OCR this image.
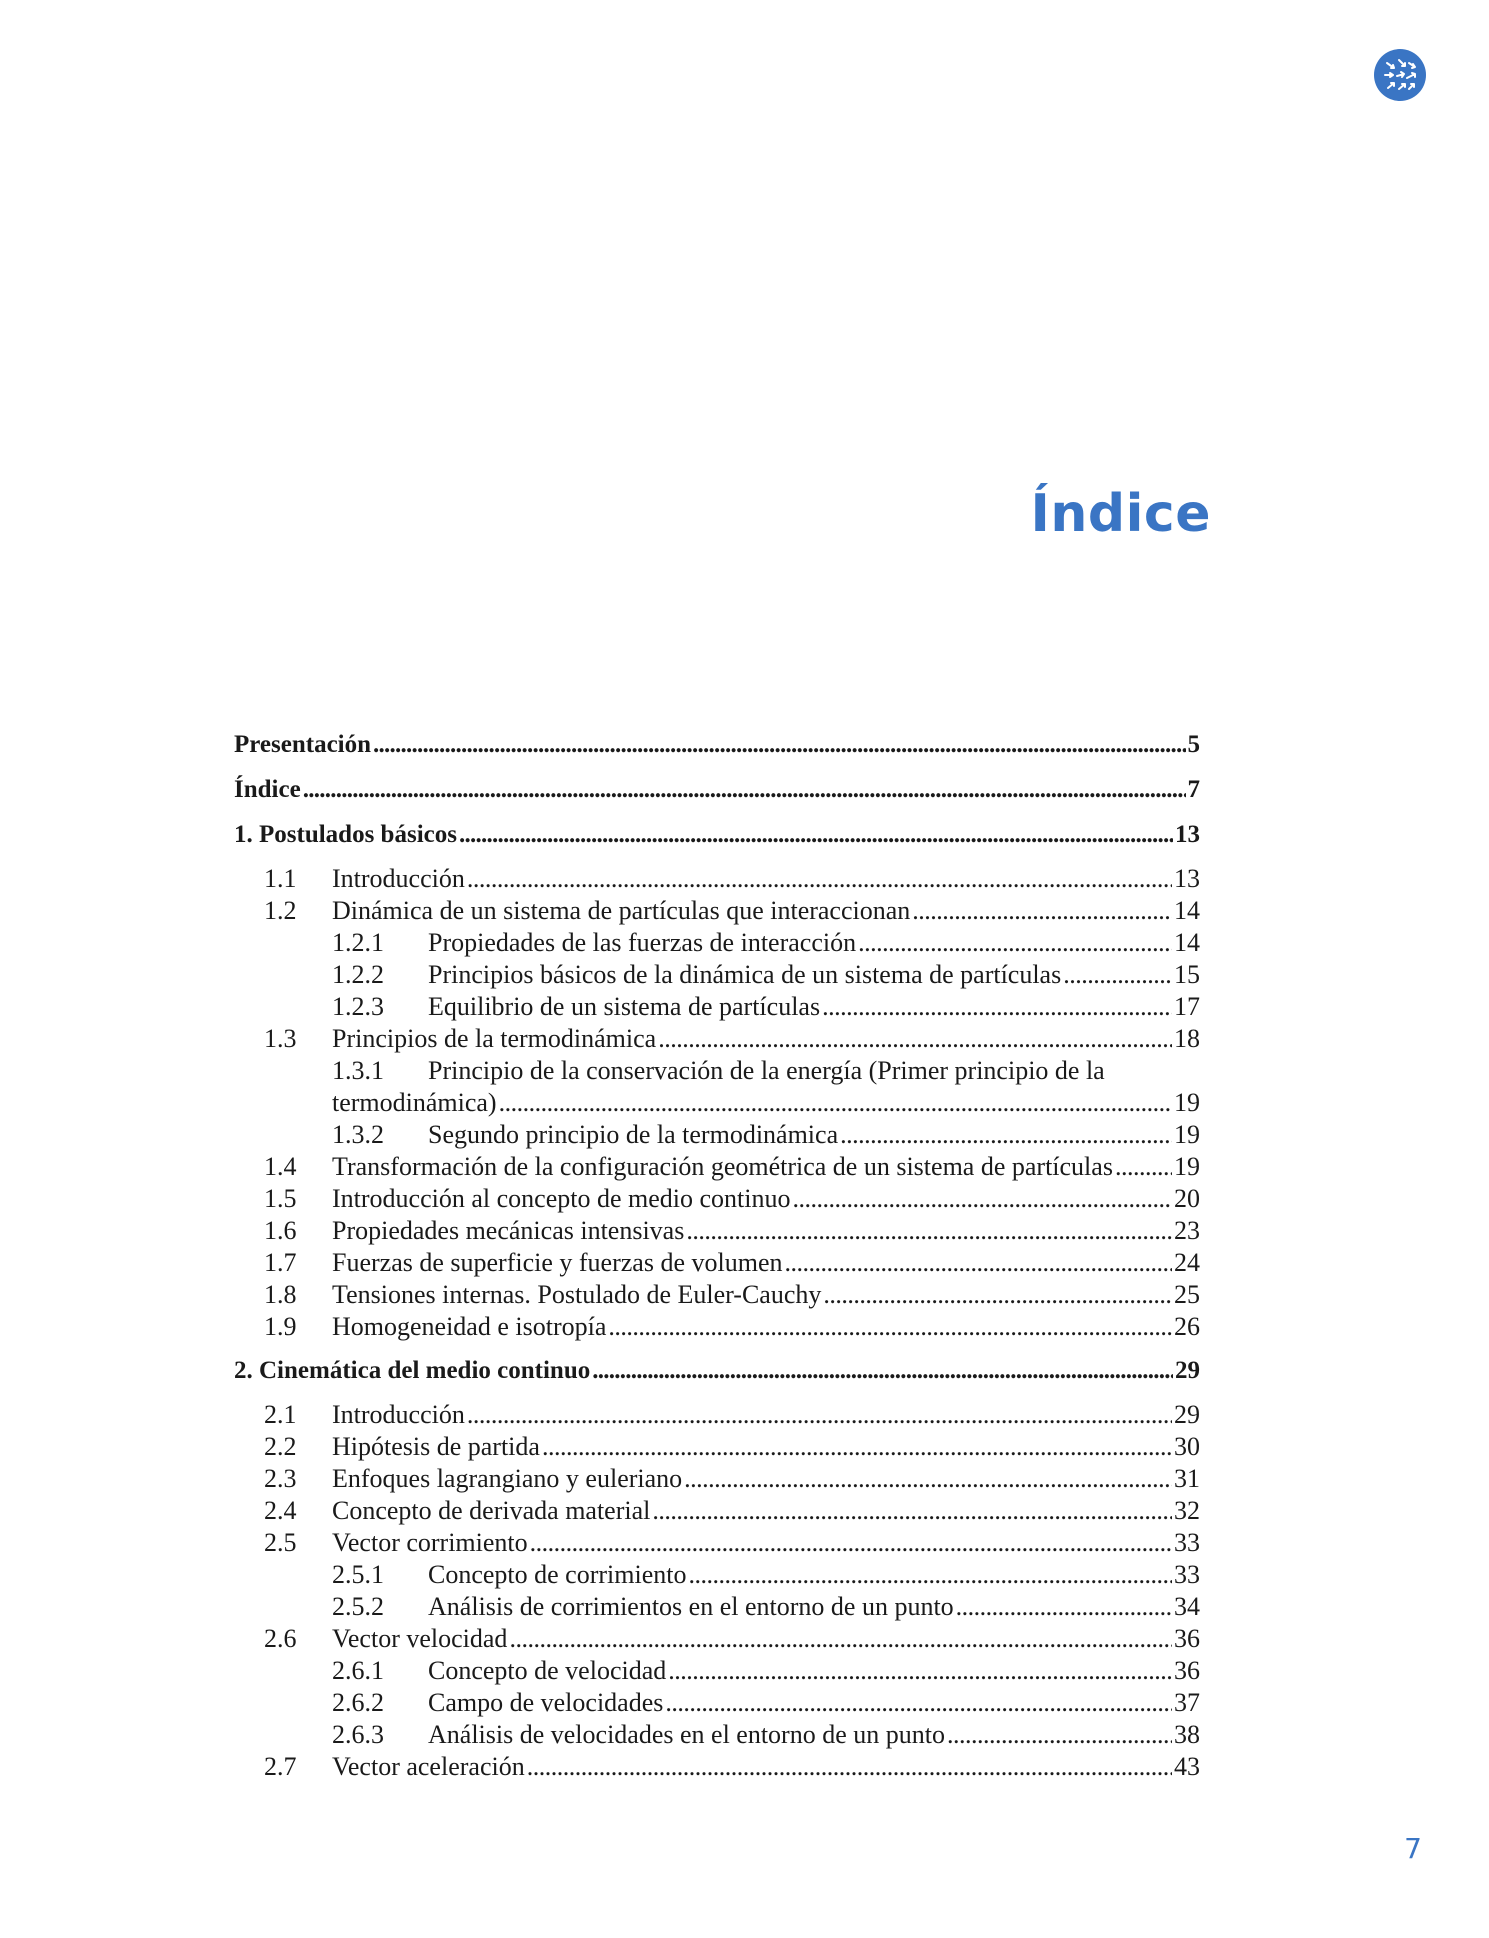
Índice
Presentación . . .	5
Índice . . .	7
1. Postulados básicos . . .	13
1.1	Introducción . . .	13
1.2	Dinámica de un sistema de partículas que interaccionan . . .	14
1.2.1	Propiedades de las fuerzas de interacción . . .	14
1.2.2	Principios básicos de la dinámica de un sistema de partículas . . .	15
1.2.3	Equilibrio de un sistema de partículas . . .	17
1.3	Principios de la termodinámica . . .	18
1.3.1	Principio de la conservación de la energía (Primer principio de la
termodinámica) . . .	19
1.3.2	Segundo principio de la termodinámica . . .	19
1.4	Transformación de la configuración geométrica de un sistema de partículas . . . 19
1.5	Introducción al concepto de medio continuo . . .	20
1.6	Propiedades mecánicas intensivas . . .	23
1.7	Fuerzas de superficie y fuerzas de volumen . . .	24
1.8	Tensiones internas. Postulado de Euler-Cauchy . . .	25
1.9	Homogeneidad e isotropía . . .	26
2. Cinemática del medio continuo . . .	29
2.1	Introducción . . .	29
2.2	Hipótesis de partida . . .	30
2.3	Enfoques lagrangiano y euleriano . . .	31
2.4	Concepto de derivada material . . .	32
2.5	Vector corrimiento . . .	33
2.5.1	Concepto de corrimiento . . .	33
2.5.2	Análisis de corrimientos en el entorno de un punto . . .	34
2.6	Vector velocidad . . .	36
2.6.1	Concepto de velocidad . . .	36
2.6.2	Campo de velocidades . . .	37
2.6.3	Análisis de velocidades en el entorno de un punto . . .	38
2.7	Vector aceleración . . .	43

7
